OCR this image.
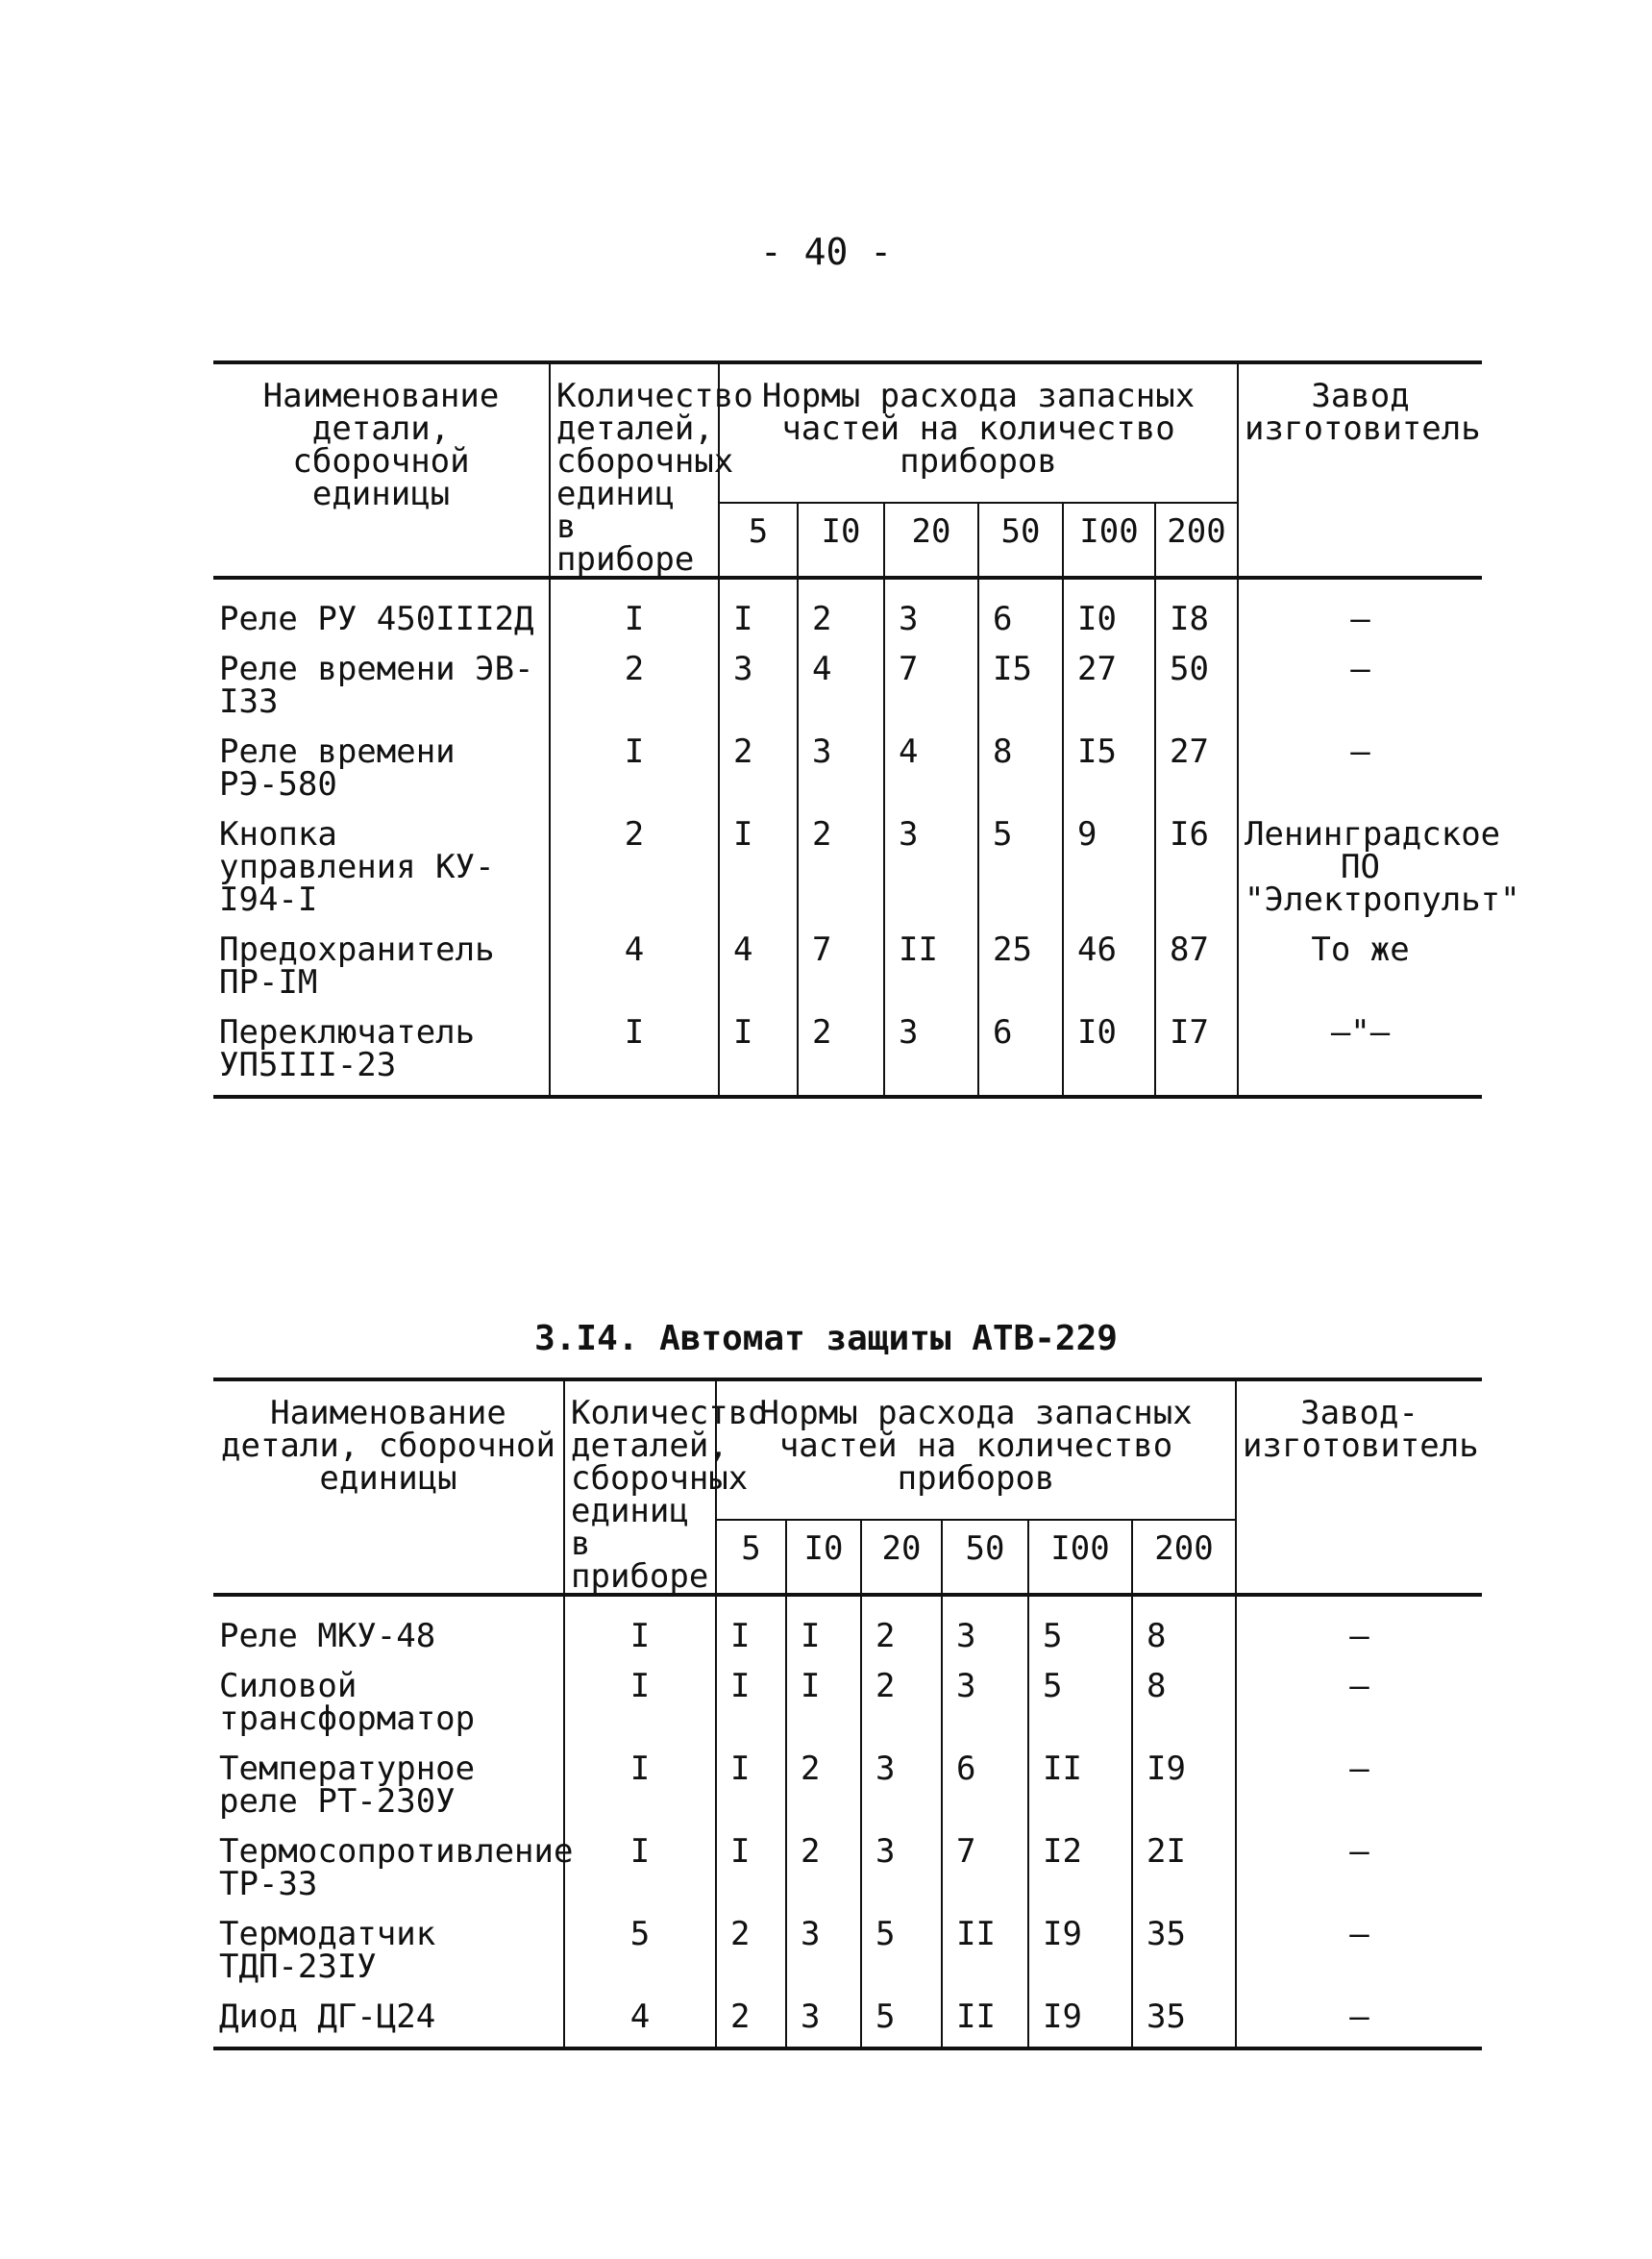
- 40 -
Наименование детали, сборочной единицы	Количество деталей, сборочных единиц в приборе	Нормы расхода запасных частей на количество приборов						Завод изготовитель
		5	I0	20	50	I00	200	
Реле РУ 450III2Д	I	I	2	3	6	I0	I8	–
Реле времени ЭВ-I33	2	3	4	7	I5	27	50	–
Реле времени РЭ-580	I	2	3	4	8	I5	27	–
Кнопка управления КУ-I94-I	2	I	2	3	5	9	I6	Ленинградское ПО "Электропульт"
Предохранитель ПР-IМ	4	4	7	II	25	46	87	То же
Переключатель УП5III-23	I	I	2	3	6	I0	I7	–"–
3.I4. Автомат защиты АТВ-229
Наименование детали, сборочной единицы	Количество деталей, сборочных единиц в приборе	Нормы расхода запасных частей на количество приборов						Завод-изготовитель
		5	I0	20	50	I00	200	
Реле МКУ-48	I	I	I	2	3	5	8	–
Силовой трансформатор	I	I	I	2	3	5	8	–
Температурное реле РТ-230У	I	I	2	3	6	II	I9	–
Термосопротивление ТР-33	I	I	2	3	7	I2	2I	–
Термодатчик ТДП-23IУ	5	2	3	5	II	I9	35	–
Диод ДГ-Ц24	4	2	3	5	II	I9	35	–
